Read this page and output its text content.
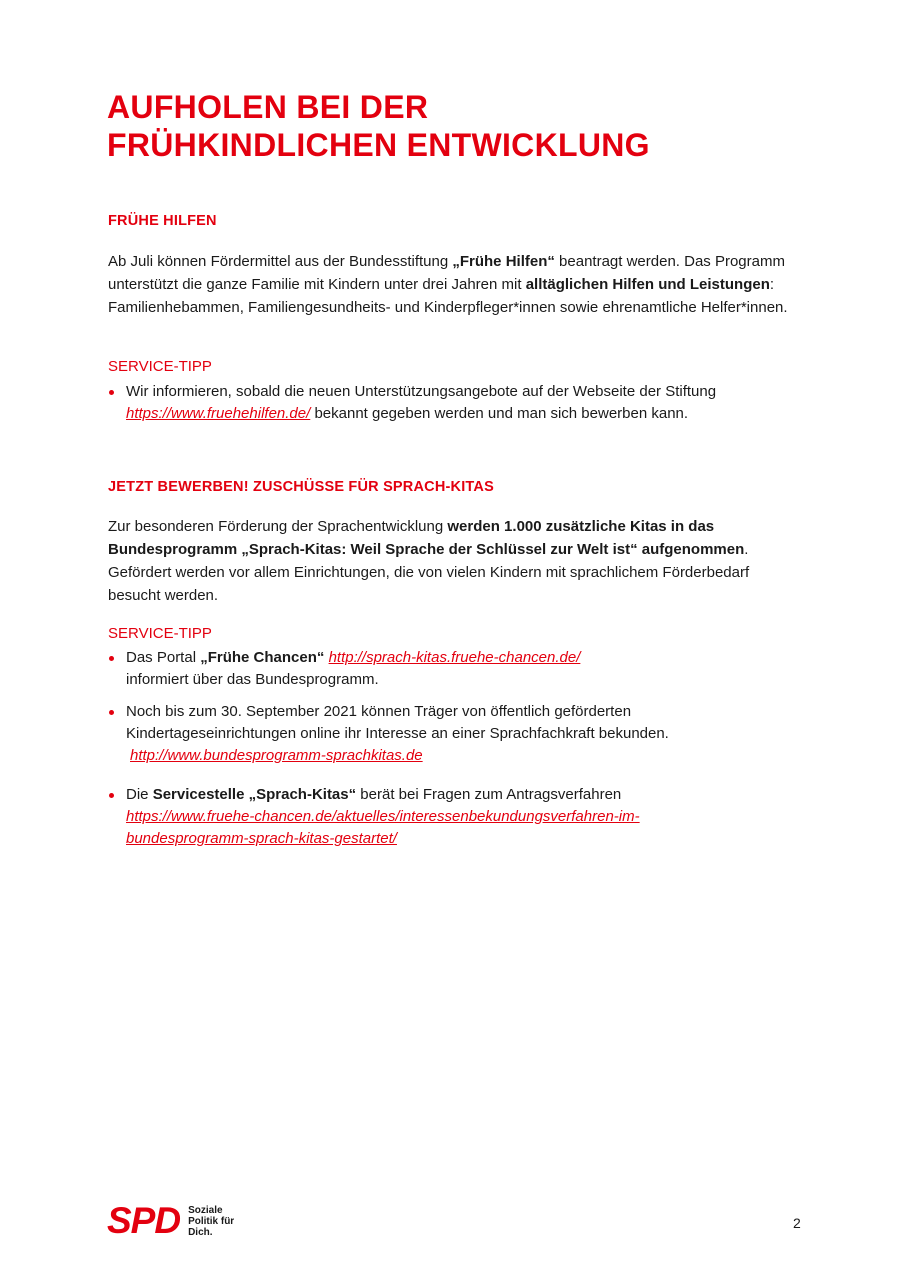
AUFHOLEN BEI DER
FRÜHKINDLICHEN ENTWICKLUNG
FRÜHE HILFEN
Ab Juli können Fördermittel aus der Bundesstiftung „Frühe Hilfen“ beantragt werden. Das Programm unterstützt die ganze Familie mit Kindern unter drei Jahren mit alltäglichen Hilfen und Leistungen: Familienhebammen, Familiengesundheits- und Kinderpfleger*innen sowie ehrenamtliche Helfer*innen.
SERVICE-TIPP
Wir informieren, sobald die neuen Unterstützungsangebote auf der Webseite der Stiftung
https://www.fruehehilfen.de/ bekannt gegeben werden und man sich bewerben kann.
JETZT BEWERBEN! ZUSCHÜSSE FÜR SPRACH-KITAS
Zur besonderen Förderung der Sprachentwicklung werden 1.000 zusätzliche Kitas in das Bundesprogramm „Sprach-Kitas: Weil Sprache der Schlüssel zur Welt ist“ aufgenommen. Gefördert werden vor allem Einrichtungen, die von vielen Kindern mit sprachlichem Förderbedarf besucht werden.
SERVICE-TIPP
Das Portal „Frühe Chancen“ http://sprach-kitas.fruehe-chancen.de/
informiert über das Bundesprogramm.
Noch bis zum 30. September 2021 können Träger von öffentlich geförderten Kindertageseinrichtungen online ihr Interesse an einer Sprachfachkraft bekunden.
http://www.bundesprogramm-sprachkitas.de
Die Servicestelle „Sprach-Kitas“ berät bei Fragen zum Antragsverfahren
https://www.fruehe-chancen.de/aktuelles/interessenbekundungsverfahren-im-
bundesprogramm-sprach-kitas-gestartet/
SPD Soziale
Politik für
Dich.
2
